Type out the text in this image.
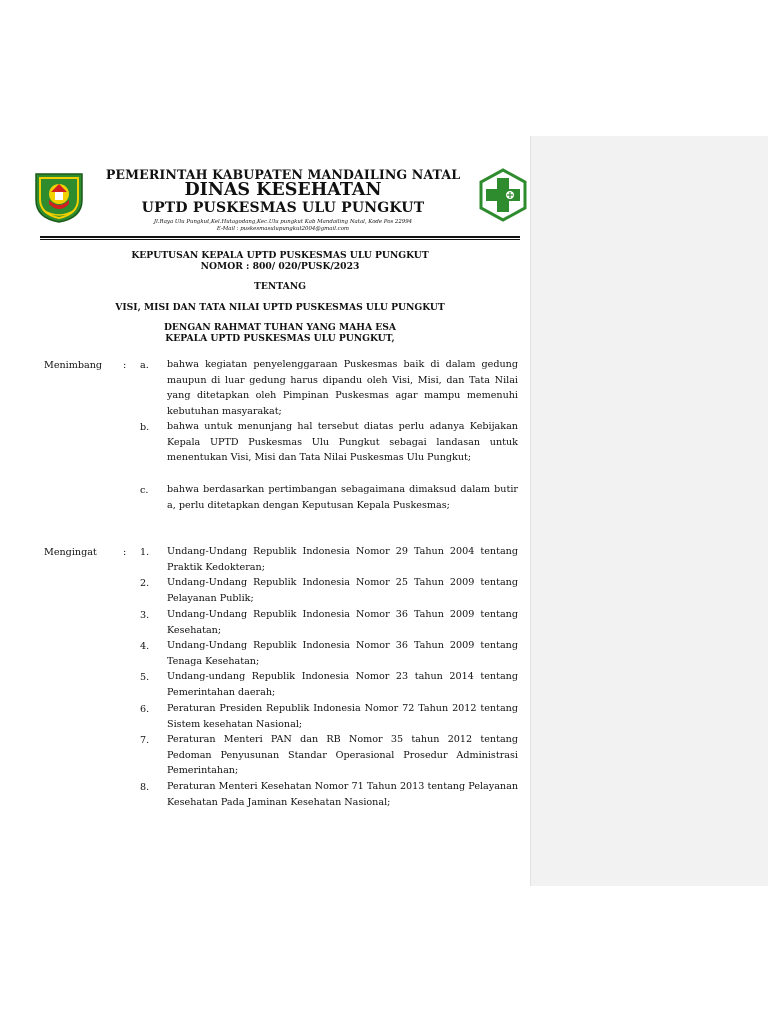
PEMERINTAH KABUPATEN MANDAILING NATAL
DINAS KESEHATAN
UPTD PUSKESMAS ULU PUNGKUT
Jl.Raya Ulu Pungkut,Kel.Hutagodang,Kec.Ulu pungkut Kab Mandailing Natal, Kode Pos 22994
E-Mail : puskesmasulupungkut2004@gmail.com
KEPUTUSAN KEPALA UPTD PUSKESMAS ULU PUNGKUT
NOMOR : 800/ 020/PUSK/2023
TENTANG
VISI, MISI DAN TATA NILAI UPTD PUSKESMAS ULU PUNGKUT
DENGAN RAHMAT TUHAN YANG MAHA ESA
KEPALA UPTD PUSKESMAS ULU PUNGKUT,
Menimbang : a. bahwa kegiatan penyelenggaraan Puskesmas baik di dalam gedung maupun di luar gedung harus dipandu oleh Visi, Misi, dan Tata Nilai yang ditetapkan oleh Pimpinan Puskesmas agar mampu memenuhi kebutuhan masyarakat;
b. bahwa untuk menunjang hal tersebut diatas perlu adanya Kebijakan Kepala UPTD Puskesmas Ulu Pungkut sebagai landasan untuk menentukan Visi, Misi dan Tata Nilai Puskesmas Ulu Pungkut;
c. bahwa berdasarkan pertimbangan sebagaimana dimaksud dalam butir a, perlu ditetapkan dengan Keputusan Kepala Puskesmas;
Mengingat	: 1. Undang-Undang Republik Indonesia Nomor 29 Tahun 2004 tentang Praktik Kedokteran;
2. Undang-Undang Republik Indonesia Nomor 25 Tahun 2009 tentang Pelayanan Publik;
3. Undang-Undang Republik Indonesia Nomor 36 Tahun 2009 tentang Kesehatan;
4. Undang-Undang Republik Indonesia Nomor 36 Tahun 2009 tentang Tenaga Kesehatan;
5. Undang-undang Republik Indonesia Nomor 23 tahun 2014 tentang Pemerintahan daerah;
6. Peraturan Presiden Republik Indonesia Nomor 72 Tahun 2012 tentang Sistem kesehatan Nasional;
7. Peraturan Menteri PAN dan RB Nomor 35 tahun 2012 tentang Pedoman Penyusunan Standar Operasional Prosedur Administrasi Pemerintahan;
8. Peraturan Menteri Kesehatan Nomor 71 Tahun 2013 tentang Pelayanan Kesehatan Pada Jaminan Kesehatan Nasional;
